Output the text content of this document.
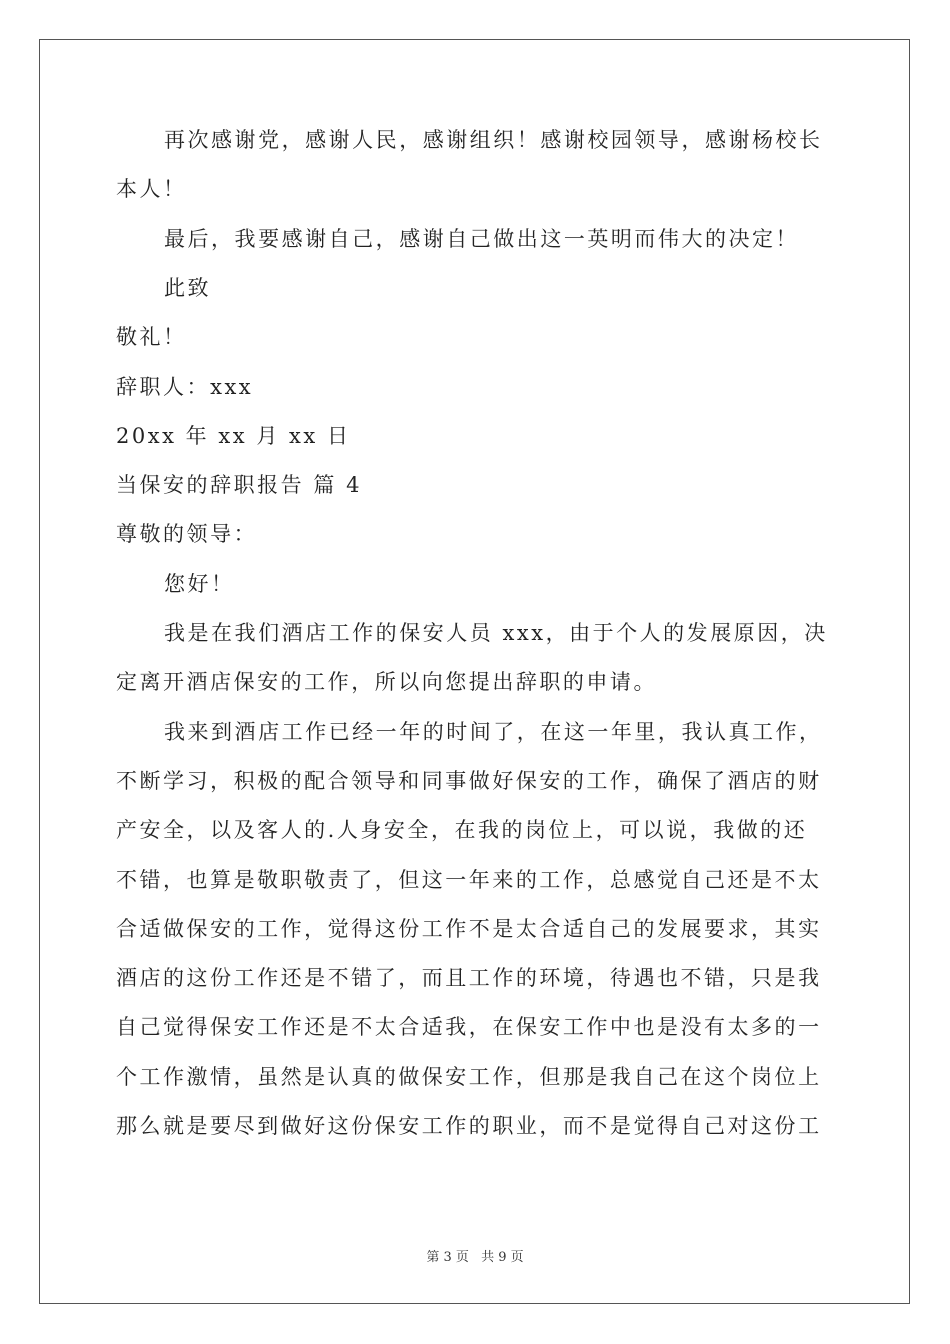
再次感谢党，感谢人民，感谢组织！感谢校园领导，感谢杨校长
本人！
最后，我要感谢自己，感谢自己做出这一英明而伟大的决定！
此致
敬礼！
辞职人：xxx
20xx 年 xx 月 xx 日
当保安的辞职报告 篇 4
尊敬的领导：
您好！
我是在我们酒店工作的保安人员 xxx，由于个人的发展原因，决
定离开酒店保安的工作，所以向您提出辞职的申请。
我来到酒店工作已经一年的时间了，在这一年里，我认真工作，
不断学习，积极的配合领导和同事做好保安的工作，确保了酒店的财
产安全，以及客人的.人身安全，在我的岗位上，可以说，我做的还
不错，也算是敬职敬责了，但这一年来的工作，总感觉自己还是不太
合适做保安的工作，觉得这份工作不是太合适自己的发展要求，其实
酒店的这份工作还是不错了，而且工作的环境，待遇也不错，只是我
自己觉得保安工作还是不太合适我，在保安工作中也是没有太多的一
个工作激情，虽然是认真的做保安工作，但那是我自己在这个岗位上
那么就是要尽到做好这份保安工作的职业，而不是觉得自己对这份工
第 3 页 共 9 页
